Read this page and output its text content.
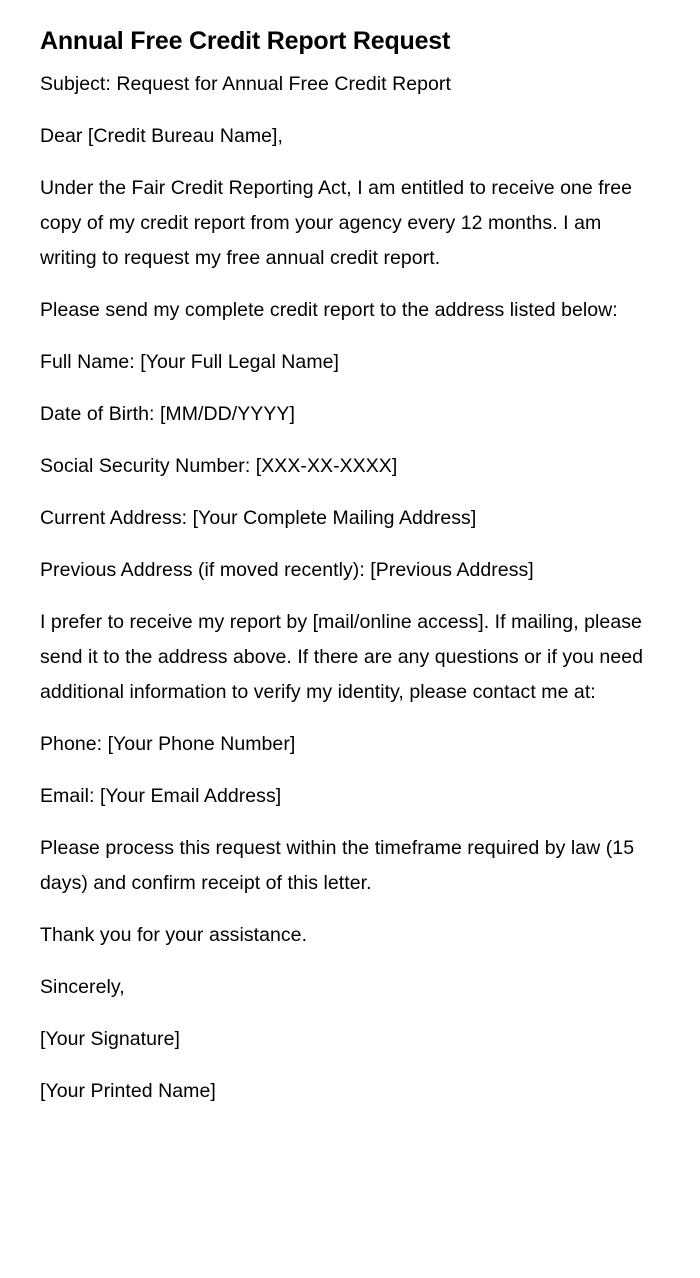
Annual Free Credit Report Request

Subject: Request for Annual Free Credit Report

Dear [Credit Bureau Name],

Under the Fair Credit Reporting Act, I am entitled to receive one free copy of my credit report from your agency every 12 months. I am writing to request my free annual credit report.

Please send my complete credit report to the address listed below:

Full Name: [Your Full Legal Name]

Date of Birth: [MM/DD/YYYY]

Social Security Number: [XXX-XX-XXXX]

Current Address: [Your Complete Mailing Address]

Previous Address (if moved recently): [Previous Address]

I prefer to receive my report by [mail/online access]. If mailing, please send it to the address above. If there are any questions or if you need additional information to verify my identity, please contact me at:

Phone: [Your Phone Number]

Email: [Your Email Address]

Please process this request within the timeframe required by law (15 days) and confirm receipt of this letter.

Thank you for your assistance.

Sincerely,

[Your Signature]

[Your Printed Name]
